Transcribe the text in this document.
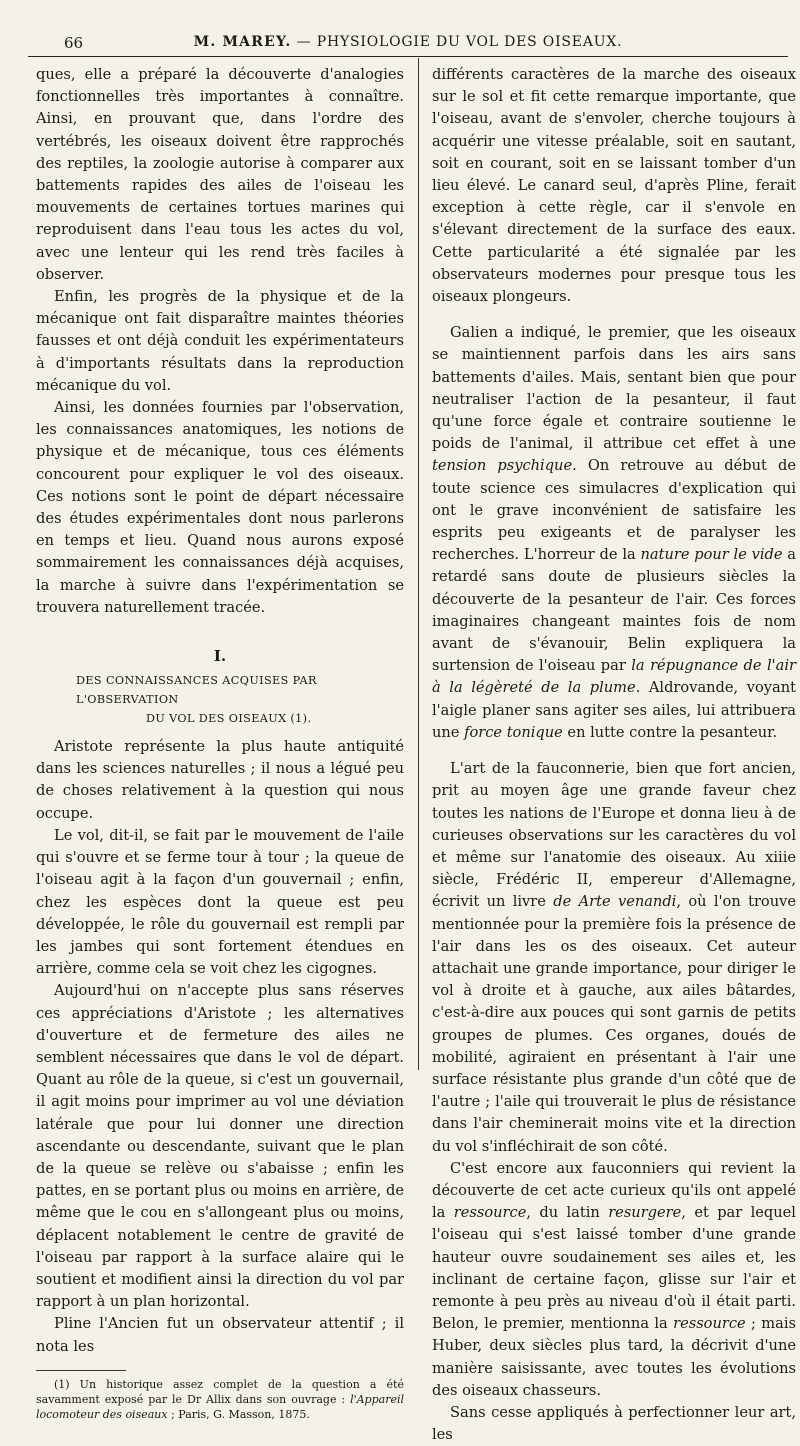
66	M. MAREY. — PHYSIOLOGIE DU VOL DES OISEAUX.

ques, elle a préparé la découverte d'analogies fonctionnelles très importantes à connaître. Ainsi, en prouvant que, dans l'ordre des vertébrés, les oiseaux doivent être rapprochés des reptiles, la zoologie autorise à comparer aux battements rapides des ailes de l'oiseau les mouvements de certaines tortues marines qui reproduisent dans l'eau tous les actes du vol, avec une lenteur qui les rend très faciles à observer.

Enfin, les progrès de la physique et de la mécanique ont fait disparaître maintes théories fausses et ont déjà conduit les expérimentateurs à d'importants résultats dans la reproduction mécanique du vol.

Ainsi, les données fournies par l'observation, les connaissances anatomiques, les notions de physique et de mécanique, tous ces éléments concourent pour expliquer le vol des oiseaux. Ces notions sont le point de départ nécessaire des études expérimentales dont nous parlerons en temps et lieu. Quand nous aurons exposé sommairement les connaissances déjà acquises, la marche à suivre dans l'expérimentation se trouvera naturellement tracée.

I.
DES CONNAISSANCES ACQUISES PAR L'OBSERVATION
DU VOL DES OISEAUX (1).

Aristote représente la plus haute antiquité dans les sciences naturelles ; il nous a légué peu de choses relativement à la question qui nous occupe.

Le vol, dit-il, se fait par le mouvement de l'aile qui s'ouvre et se ferme tour à tour ; la queue de l'oiseau agit à la façon d'un gouvernail ; enfin, chez les espèces dont la queue est peu développée, le rôle du gouvernail est rempli par les jambes qui sont fortement étendues en arrière, comme cela se voit chez les cigognes.

Aujourd'hui on n'accepte plus sans réserves ces appréciations d'Aristote ; les alternatives d'ouverture et de fermeture des ailes ne semblent nécessaires que dans le vol de départ. Quant au rôle de la queue, si c'est un gouvernail, il agit moins pour imprimer au vol une déviation latérale que pour lui donner une direction ascendante ou descendante, suivant que le plan de la queue se relève ou s'abaisse ; enfin les pattes, en se portant plus ou moins en arrière, de même que le cou en s'allongeant plus ou moins, déplacent notablement le centre de gravité de l'oiseau par rapport à la surface alaire qui le soutient et modifient ainsi la direction du vol par rapport à un plan horizontal.

Pline l'Ancien fut un observateur attentif ; il nota les

(1) Un historique assez complet de la question a été savamment exposé par le Dr Allix dans son ouvrage : l'Appareil locomoteur des oiseaux ; Paris, G. Masson, 1875.

différents caractères de la marche des oiseaux sur le sol et fit cette remarque importante, que l'oiseau, avant de s'envoler, cherche toujours à acquérir une vitesse préalable, soit en sautant, soit en courant, soit en se laissant tomber d'un lieu élevé. Le canard seul, d'après Pline, ferait exception à cette règle, car il s'envole en s'élevant directement de la surface des eaux. Cette particularité a été signalée par les observateurs modernes pour presque tous les oiseaux plongeurs.

Galien a indiqué, le premier, que les oiseaux se maintiennent parfois dans les airs sans battements d'ailes. Mais, sentant bien que pour neutraliser l'action de la pesanteur, il faut qu'une force égale et contraire soutienne le poids de l'animal, il attribue cet effet à une tension psychique. On retrouve au début de toute science ces simulacres d'explication qui ont le grave inconvénient de satisfaire les esprits peu exigeants et de paralyser les recherches. L'horreur de la nature pour le vide a retardé sans doute de plusieurs siècles la découverte de la pesanteur de l'air. Ces forces imaginaires changeant maintes fois de nom avant de s'évanouir, Belin expliquera la surtension de l'oiseau par la répugnance de l'air à la légèreté de la plume. Aldrovande, voyant l'aigle planer sans agiter ses ailes, lui attribuera une force tonique en lutte contre la pesanteur.

L'art de la fauconnerie, bien que fort ancien, prit au moyen âge une grande faveur chez toutes les nations de l'Europe et donna lieu à de curieuses observations sur les caractères du vol et même sur l'anatomie des oiseaux. Au xiiie siècle, Frédéric II, empereur d'Allemagne, écrivit un livre de Arte venandi, où l'on trouve mentionnée pour la première fois la présence de l'air dans les os des oiseaux. Cet auteur attachait une grande importance, pour diriger le vol à droite et à gauche, aux ailes bâtardes, c'est-à-dire aux pouces qui sont garnis de petits groupes de plumes. Ces organes, doués de mobilité, agiraient en présentant à l'air une surface résistante plus grande d'un côté que de l'autre ; l'aile qui trouverait le plus de résistance dans l'air cheminerait moins vite et la direction du vol s'infléchirait de son côté.

C'est encore aux fauconniers qui revient la découverte de cet acte curieux qu'ils ont appelé la ressource, du latin resurgere, et par lequel l'oiseau qui s'est laissé tomber d'une grande hauteur ouvre soudainement ses ailes et, les inclinant de certaine façon, glisse sur l'air et remonte à peu près au niveau d'où il était parti. Belon, le premier, mentionna la ressource ; mais Huber, deux siècles plus tard, la décrivit d'une manière saisissante, avec toutes les évolutions des oiseaux chasseurs.

Sans cesse appliqués à perfectionner leur art, les
